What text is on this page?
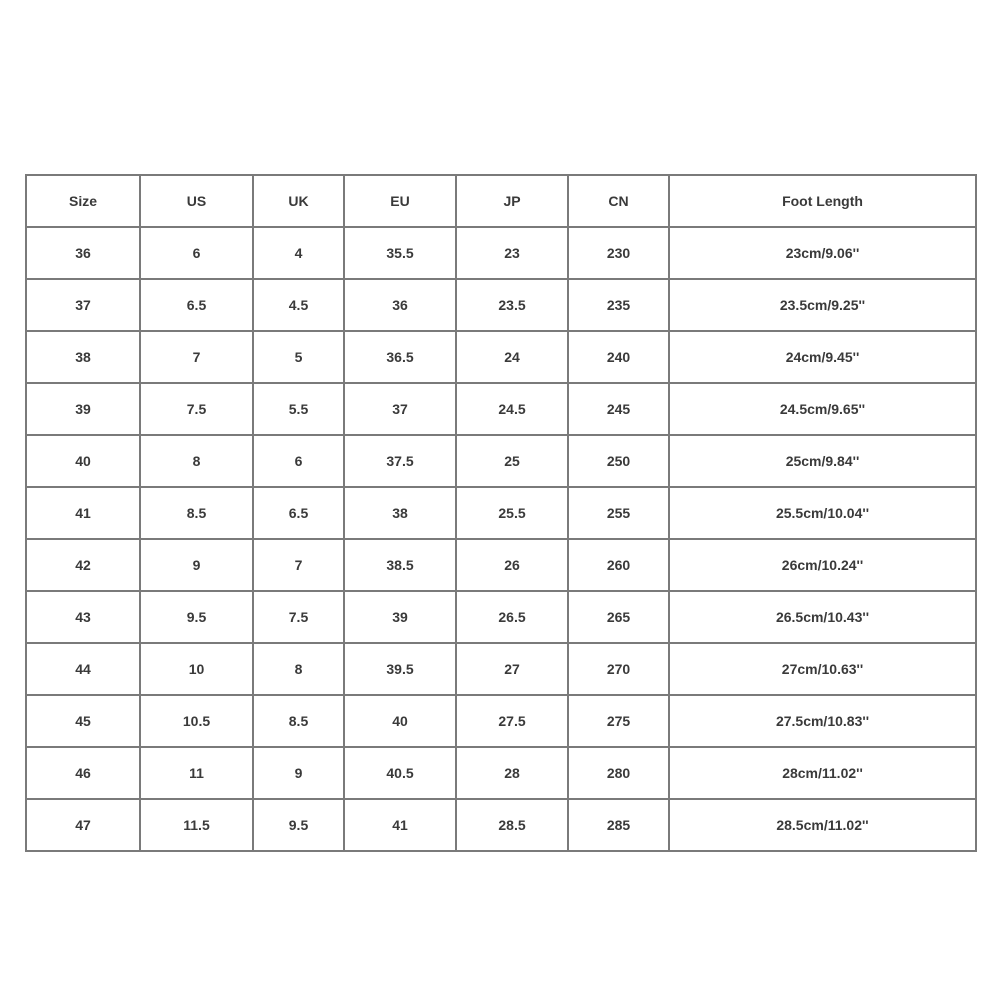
Size	US	UK	EU	JP	CN	Foot Length
36	6	4	35.5	23	230	23cm/9.06''
37	6.5	4.5	36	23.5	235	23.5cm/9.25''
38	7	5	36.5	24	240	24cm/9.45''
39	7.5	5.5	37	24.5	245	24.5cm/9.65''
40	8	6	37.5	25	250	25cm/9.84''
41	8.5	6.5	38	25.5	255	25.5cm/10.04''
42	9	7	38.5	26	260	26cm/10.24''
43	9.5	7.5	39	26.5	265	26.5cm/10.43''
44	10	8	39.5	27	270	27cm/10.63''
45	10.5	8.5	40	27.5	275	27.5cm/10.83''
46	11	9	40.5	28	280	28cm/11.02''
47	11.5	9.5	41	28.5	285	28.5cm/11.02''
